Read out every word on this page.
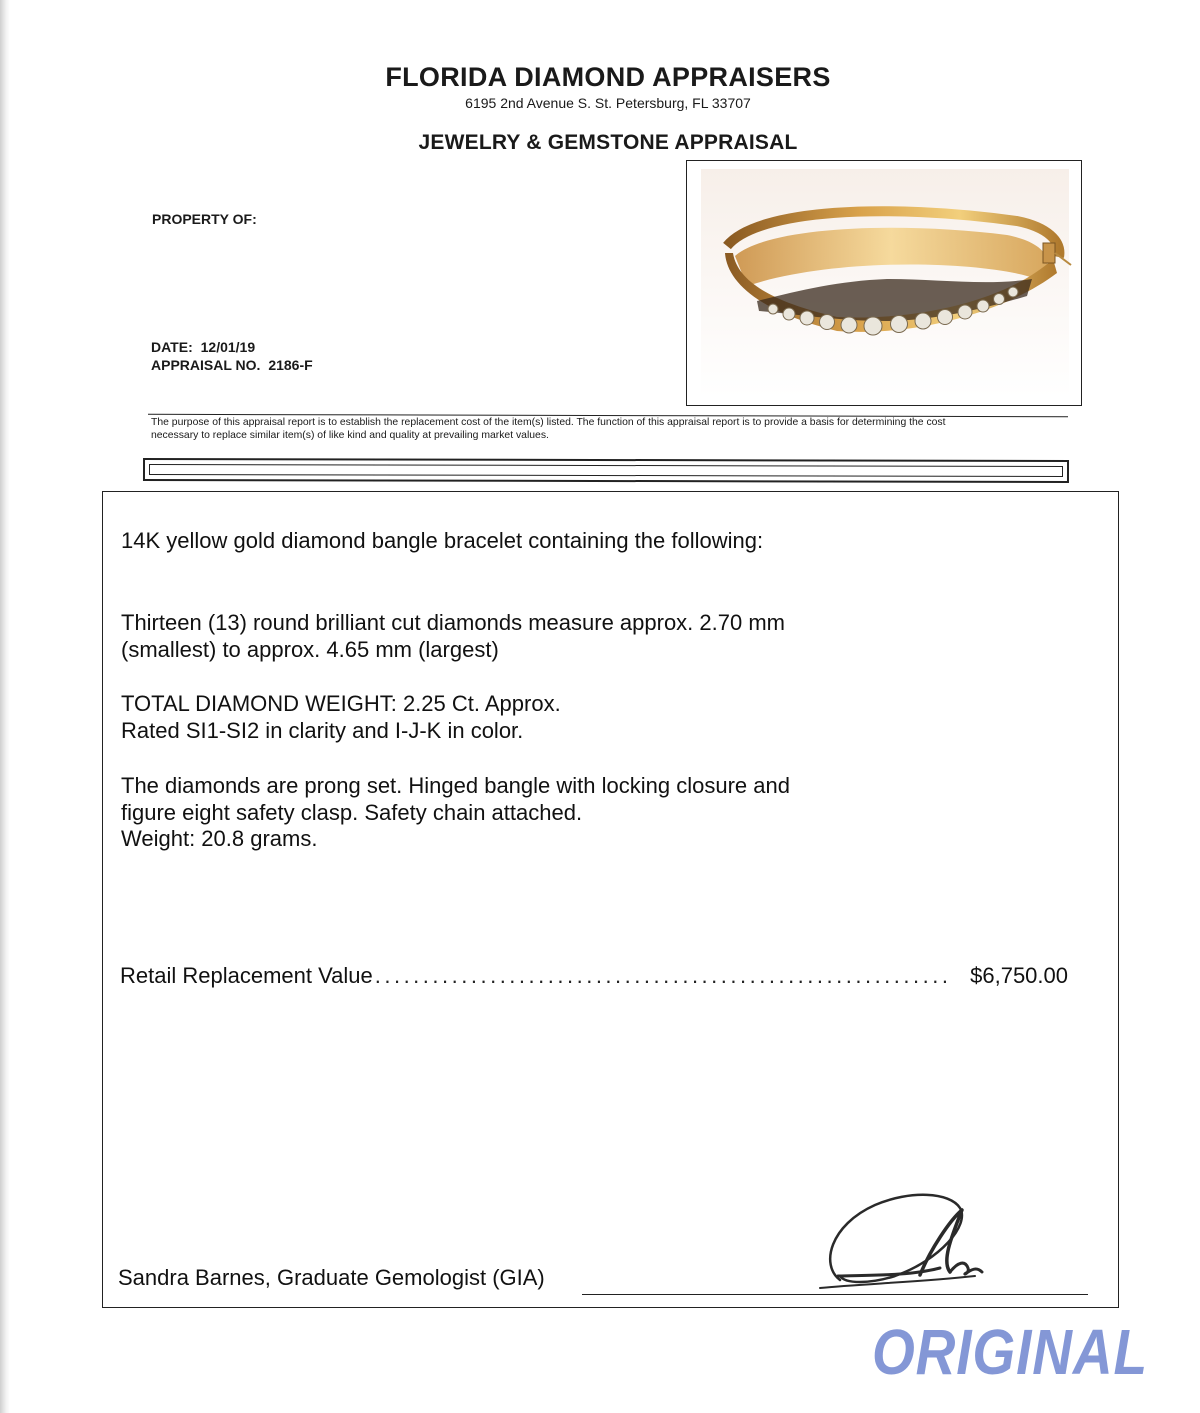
FLORIDA DIAMOND APPRAISERS
6195 2nd Avenue S. St. Petersburg, FL 33707
JEWELRY & GEMSTONE APPRAISAL
PROPERTY OF:
DATE: 12/01/19
APPRAISAL NO. 2186-F
The purpose of this appraisal report is to establish the replacement cost of the item(s) listed. The function of this appraisal report is to provide a basis for determining the cost
necessary to replace similar item(s) of like kind and quality at prevailing market values.
14K yellow gold diamond bangle bracelet containing the following:
Thirteen (13) round brilliant cut diamonds measure approx. 2.70 mm
(smallest) to approx. 4.65 mm (largest)
TOTAL DIAMOND WEIGHT: 2.25 Ct. Approx.
Rated SI1-SI2 in clarity and I-J-K in color.
The diamonds are prong set. Hinged bangle with locking closure and
figure eight safety clasp. Safety chain attached.
Weight: 20.8 grams.
Retail Replacement Value ............................................................ $6,750.00
Sandra Barnes, Graduate Gemologist (GIA)
ORIGINAL
